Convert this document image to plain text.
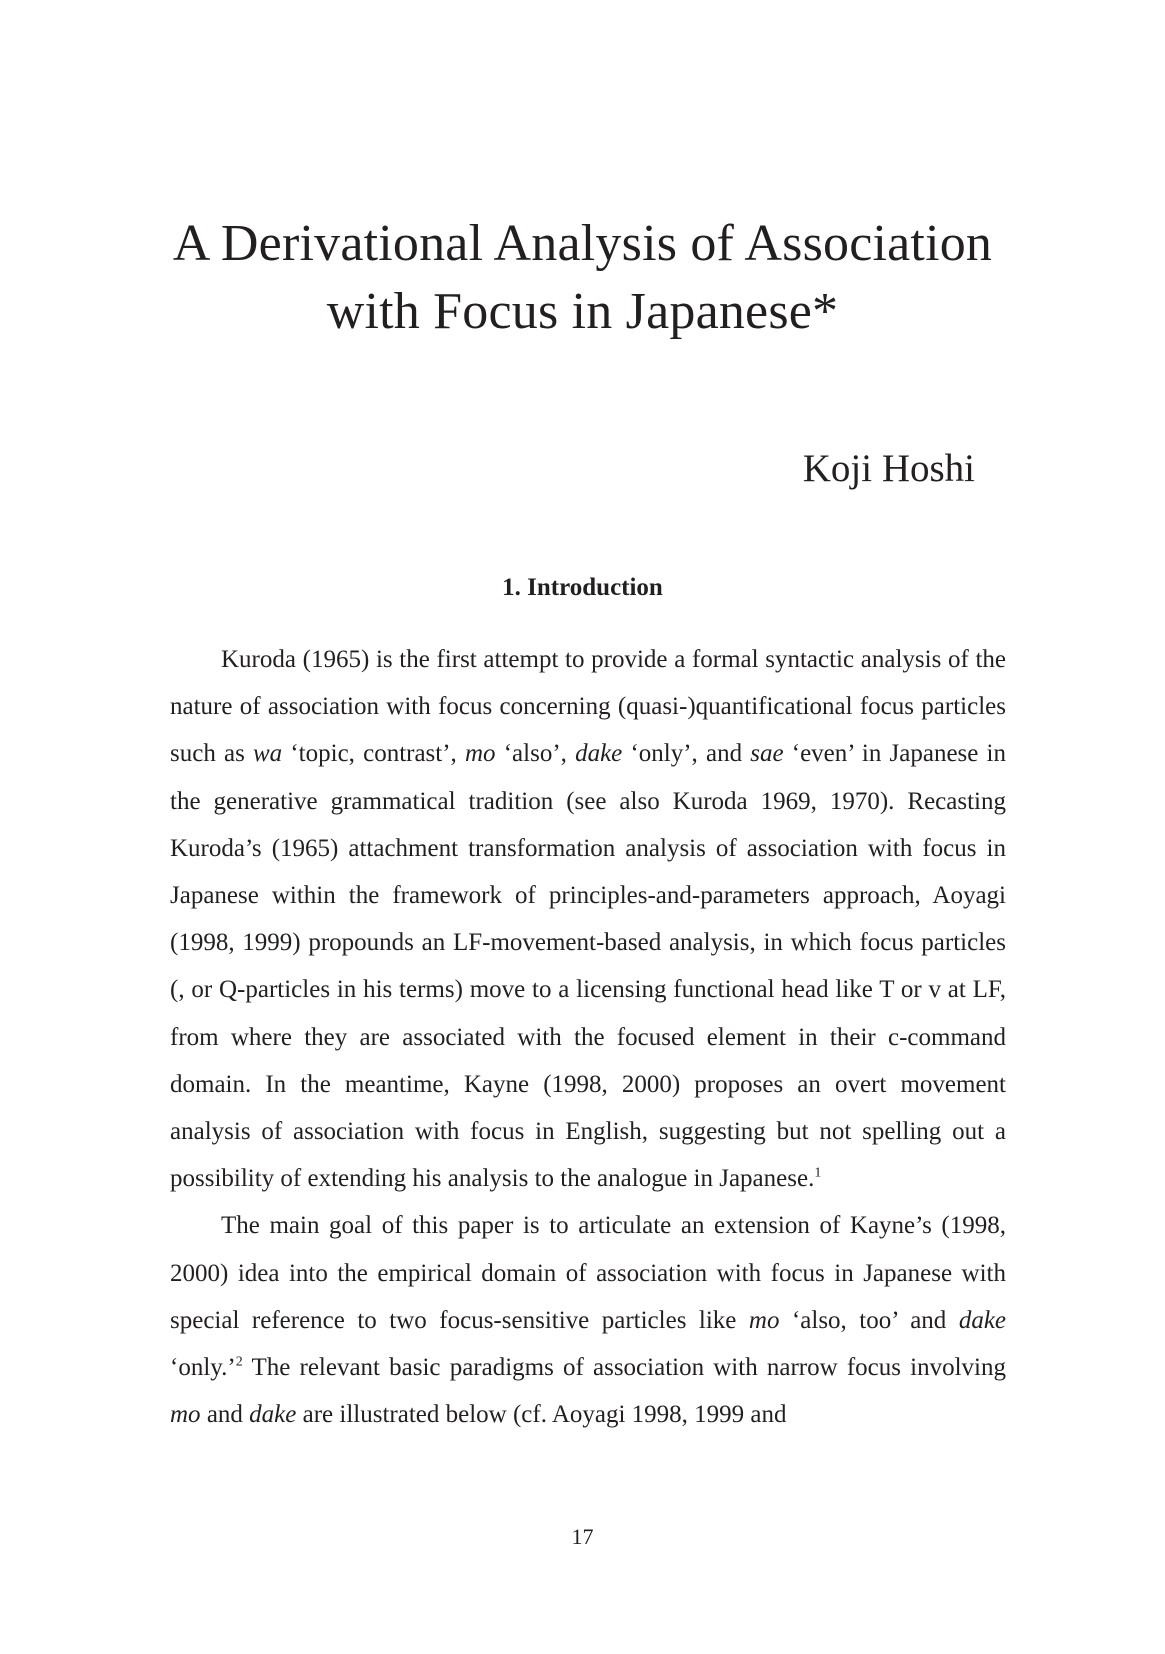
A Derivational Analysis of Association
with Focus in Japanese*
Koji Hoshi
1. Introduction

Kuroda (1965) is the first attempt to provide a formal syntactic analysis of the nature of association with focus concerning (quasi-)quantificational focus particles such as wa ‘topic, contrast’, mo ‘also’, dake ‘only’, and sae ‘even’ in Japanese in the generative grammatical tradition (see also Kuroda 1969, 1970). Recasting Kuroda’s (1965) attachment transformation analysis of association with focus in Japanese within the framework of principles-and-parameters approach, Aoyagi (1998, 1999) propounds an LF-movement-based analysis, in which focus particles (, or Q-particles in his terms) move to a licensing functional head like T or v at LF, from where they are associated with the focused element in their c-command domain. In the meantime, Kayne (1998, 2000) proposes an overt movement analysis of association with focus in English, suggesting but not spelling out a possibility of extending his analysis to the analogue in Japanese.$^1$

The main goal of this paper is to articulate an extension of Kayne’s (1998, 2000) idea into the empirical domain of association with focus in Japanese with special reference to two focus-sensitive particles like mo ‘also, too’ and dake ‘only.’$^2$ The relevant basic paradigms of association with narrow focus involving mo and dake are illustrated below (cf. Aoyagi 1998, 1999 and

17
